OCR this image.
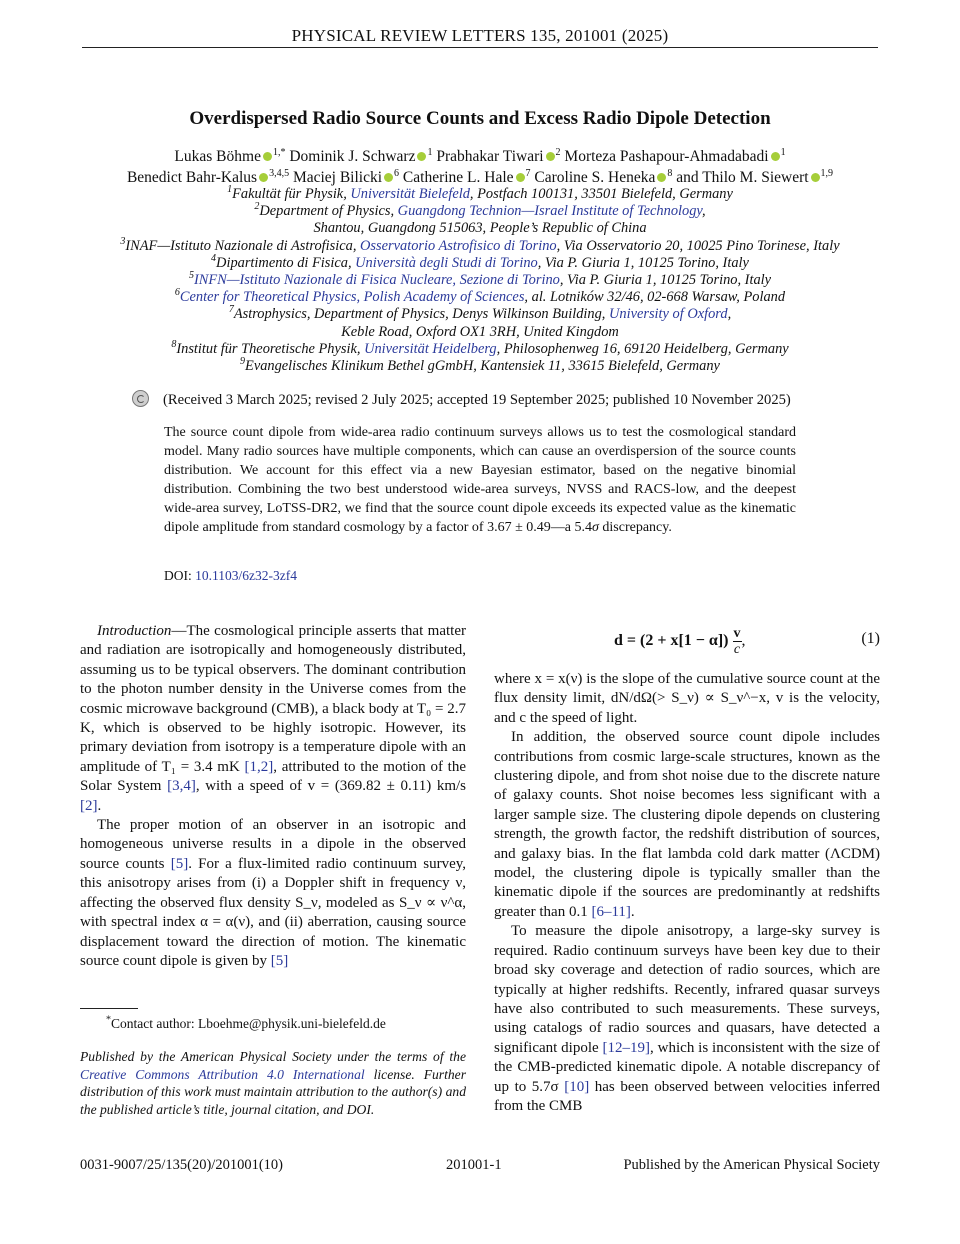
PHYSICAL REVIEW LETTERS 135, 201001 (2025)
Overdispersed Radio Source Counts and Excess Radio Dipole Detection
Lukas Böhme $^{1,*}$ Dominik J. Schwarz $^1$ Prabhakar Tiwari $^2$ Morteza Pashapour-Ahmadabadi $^1$
Benedict Bahr-Kalus $^{3,4,5}$ Maciej Bilicki $^6$ Catherine L. Hale $^7$ Caroline S. Heneka $^8$ and Thilo M. Siewert $^{1,9}$
$^1$Fakultät für Physik, Universität Bielefeld, Postfach 100131, 33501 Bielefeld, Germany
$^2$Department of Physics, Guangdong Technion—Israel Institute of Technology,
Shantou, Guangdong 515063, People’s Republic of China
$^3$INAF—Istituto Nazionale di Astrofisica, Osservatorio Astrofisico di Torino, Via Osservatorio 20, 10025 Pino Torinese, Italy
$^4$Dipartimento di Fisica, Università degli Studi di Torino, Via P. Giuria 1, 10125 Torino, Italy
$^5$INFN—Istituto Nazionale di Fisica Nucleare, Sezione di Torino, Via P. Giuria 1, 10125 Torino, Italy
$^6$Center for Theoretical Physics, Polish Academy of Sciences, al. Lotników 32/46, 02-668 Warsaw, Poland
$^7$Astrophysics, Department of Physics, Denys Wilkinson Building, University of Oxford,
Keble Road, Oxford OX1 3RH, United Kingdom
$^8$Institut für Theoretische Physik, Universität Heidelberg, Philosophenweg 16, 69120 Heidelberg, Germany
$^9$Evangelisches Klinikum Bethel gGmbH, Kantensiek 11, 33615 Bielefeld, Germany
(Received 3 March 2025; revised 2 July 2025; accepted 19 September 2025; published 10 November 2025)
The source count dipole from wide-area radio continuum surveys allows us to test the cosmological standard model. Many radio sources have multiple components, which can cause an overdispersion of the source counts distribution. We account for this effect via a new Bayesian estimator, based on the negative binomial distribution. Combining the two best understood wide-area surveys, NVSS and RACS-low, and the deepest wide-area survey, LoTSS-DR2, we find that the source count dipole exceeds its expected value as the kinematic dipole amplitude from standard cosmology by a factor of 3.67 ± 0.49—a 5.4σ discrepancy.
DOI: 10.1103/6z32-3zf4

Introduction—The cosmological principle asserts that matter and radiation are isotropically and homogeneously distributed, assuming us to be typical observers. The dominant contribution to the photon number density in the Universe comes from the cosmic microwave background (CMB), a black body at T₀ = 2.7 K, which is observed to be highly isotropic. However, its primary deviation from isotropy is a temperature dipole with an amplitude of T₁ = 3.4 mK [1,2], attributed to the motion of the Solar System [3,4], with a speed of v = (369.82 ± 0.11) km/s [2].

The proper motion of an observer in an isotropic and homogeneous universe results in a dipole in the observed source counts [5]. For a flux-limited radio continuum survey, this anisotropy arises from (i) a Doppler shift in frequency ν, affecting the observed flux density S_ν, modeled as S_ν ∝ ν^α, with spectral index α = α(ν), and (ii) aberration, causing source displacement toward the direction of motion. The kinematic source count dipole is given by [5]

$d = (2 + x[1 - \alpha]) \frac{v}{c}$,	(1)

where x = x(ν) is the slope of the cumulative source count at the flux density limit, dN/dΩ(> S_ν) ∝ S_ν^−x, v is the velocity, and c the speed of light.

In addition, the observed source count dipole includes contributions from cosmic large-scale structures, known as the clustering dipole, and from shot noise due to the discrete nature of galaxy counts. Shot noise becomes less significant with a larger sample size. The clustering dipole depends on clustering strength, the growth factor, the redshift distribution of sources, and galaxy bias. In the flat lambda cold dark matter (ΛCDM) model, the clustering dipole is typically smaller than the kinematic dipole if the sources are predominantly at redshifts greater than 0.1 [6–11].

To measure the dipole anisotropy, a large-sky survey is required. Radio continuum surveys have been key due to their broad sky coverage and detection of radio sources, which are typically at higher redshifts. Recently, infrared quasar surveys have also contributed to such measurements. These surveys, using catalogs of radio sources and quasars, have detected a significant dipole [12–19], which is inconsistent with the size of the CMB-predicted kinematic dipole. A notable discrepancy of up to 5.7σ [10] has been observed between velocities inferred from the CMB

*Contact author: Lboehme@physik.uni-bielefeld.de
Published by the American Physical Society under the terms of the Creative Commons Attribution 4.0 International license. Further distribution of this work must maintain attribution to the author(s) and the published article’s title, journal citation, and DOI.
0031-9007/25/135(20)/201001(10)	201001-1	Published by the American Physical Society
